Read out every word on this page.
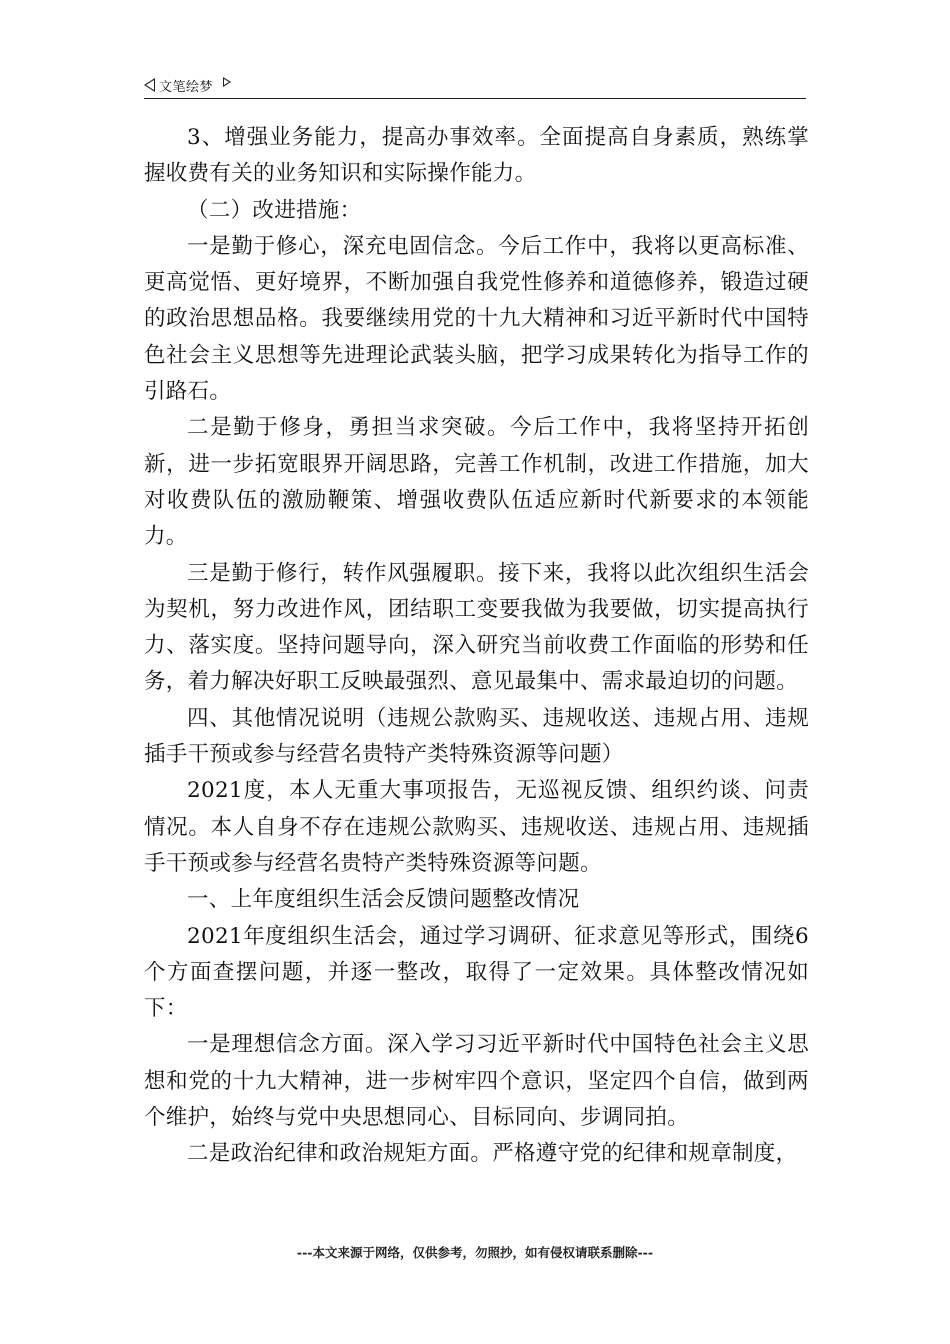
文笔绘梦

3、增强业务能力，提高办事效率。全面提高自身素质，熟练掌握收费有关的业务知识和实际操作能力。

（二）改进措施：

一是勤于修心，深充电固信念。今后工作中，我将以更高标准、更高觉悟、更好境界，不断加强自我党性修养和道德修养，锻造过硬的政治思想品格。我要继续用党的十九大精神和习近平新时代中国特色社会主义思想等先进理论武装头脑，把学习成果转化为指导工作的引路石。

二是勤于修身，勇担当求突破。今后工作中，我将坚持开拓创新，进一步拓宽眼界开阔思路，完善工作机制，改进工作措施，加大对收费队伍的激励鞭策、增强收费队伍适应新时代新要求的本领能力。

三是勤于修行，转作风强履职。接下来，我将以此次组织生活会为契机，努力改进作风，团结职工变要我做为我要做，切实提高执行力、落实度。坚持问题导向，深入研究当前收费工作面临的形势和任务，着力解决好职工反映最强烈、意见最集中、需求最迫切的问题。

四、其他情况说明（违规公款购买、违规收送、违规占用、违规插手干预或参与经营名贵特产类特殊资源等问题）

2021度，本人无重大事项报告，无巡视反馈、组织约谈、问责情况。本人自身不存在违规公款购买、违规收送、违规占用、违规插手干预或参与经营名贵特产类特殊资源等问题。

一、上年度组织生活会反馈问题整改情况

2021年度组织生活会，通过学习调研、征求意见等形式，围绕6个方面查摆问题，并逐一整改，取得了一定效果。具体整改情况如下：

一是理想信念方面。深入学习习近平新时代中国特色社会主义思想和党的十九大精神，进一步树牢四个意识，坚定四个自信，做到两个维护，始终与党中央思想同心、目标同向、步调同拍。

二是政治纪律和政治规矩方面。严格遵守党的纪律和规章制度，

---本文来源于网络，仅供参考，勿照抄，如有侵权请联系删除---
